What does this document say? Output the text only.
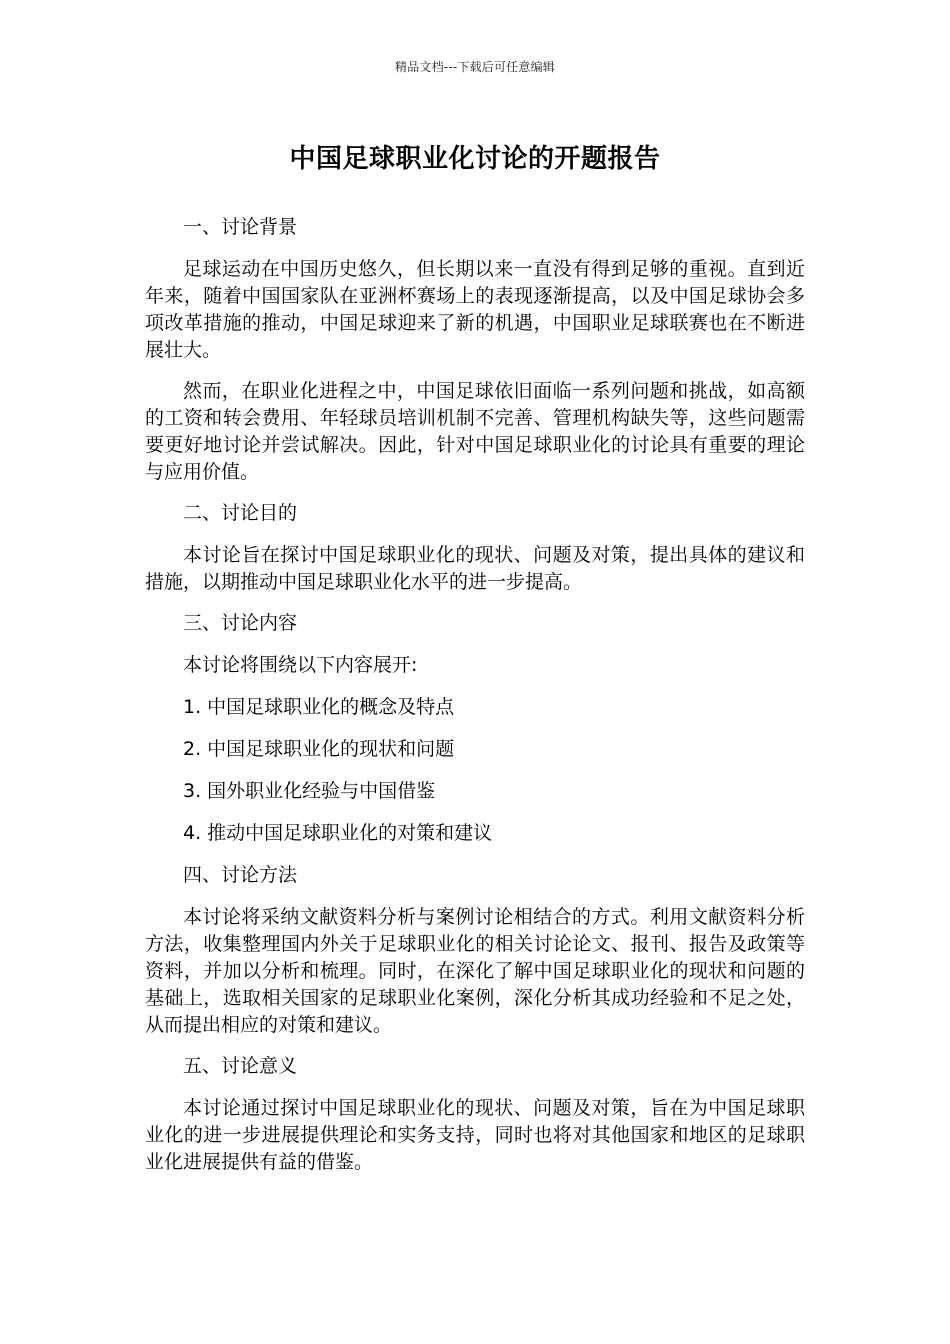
精品文档---下载后可任意编辑
中国足球职业化讨论的开题报告
一、讨论背景
足球运动在中国历史悠久，但长期以来一直没有得到足够的重视。直到近年来，随着中国国家队在亚洲杯赛场上的表现逐渐提高，以及中国足球协会多项改革措施的推动，中国足球迎来了新的机遇，中国职业足球联赛也在不断进展壮大。
然而，在职业化进程之中，中国足球依旧面临一系列问题和挑战，如高额的工资和转会费用、年轻球员培训机制不完善、管理机构缺失等，这些问题需要更好地讨论并尝试解决。因此，针对中国足球职业化的讨论具有重要的理论与应用价值。
二、讨论目的
本讨论旨在探讨中国足球职业化的现状、问题及对策，提出具体的建议和措施，以期推动中国足球职业化水平的进一步提高。
三、讨论内容
本讨论将围绕以下内容展开:
1. 中国足球职业化的概念及特点
2. 中国足球职业化的现状和问题
3. 国外职业化经验与中国借鉴
4. 推动中国足球职业化的对策和建议
四、讨论方法
本讨论将采纳文献资料分析与案例讨论相结合的方式。利用文献资料分析方法，收集整理国内外关于足球职业化的相关讨论论文、报刊、报告及政策等资料，并加以分析和梳理。同时，在深化了解中国足球职业化的现状和问题的基础上，选取相关国家的足球职业化案例，深化分析其成功经验和不足之处，从而提出相应的对策和建议。
五、讨论意义
本讨论通过探讨中国足球职业化的现状、问题及对策，旨在为中国足球职业化的进一步进展提供理论和实务支持，同时也将对其他国家和地区的足球职业化进展提供有益的借鉴。
